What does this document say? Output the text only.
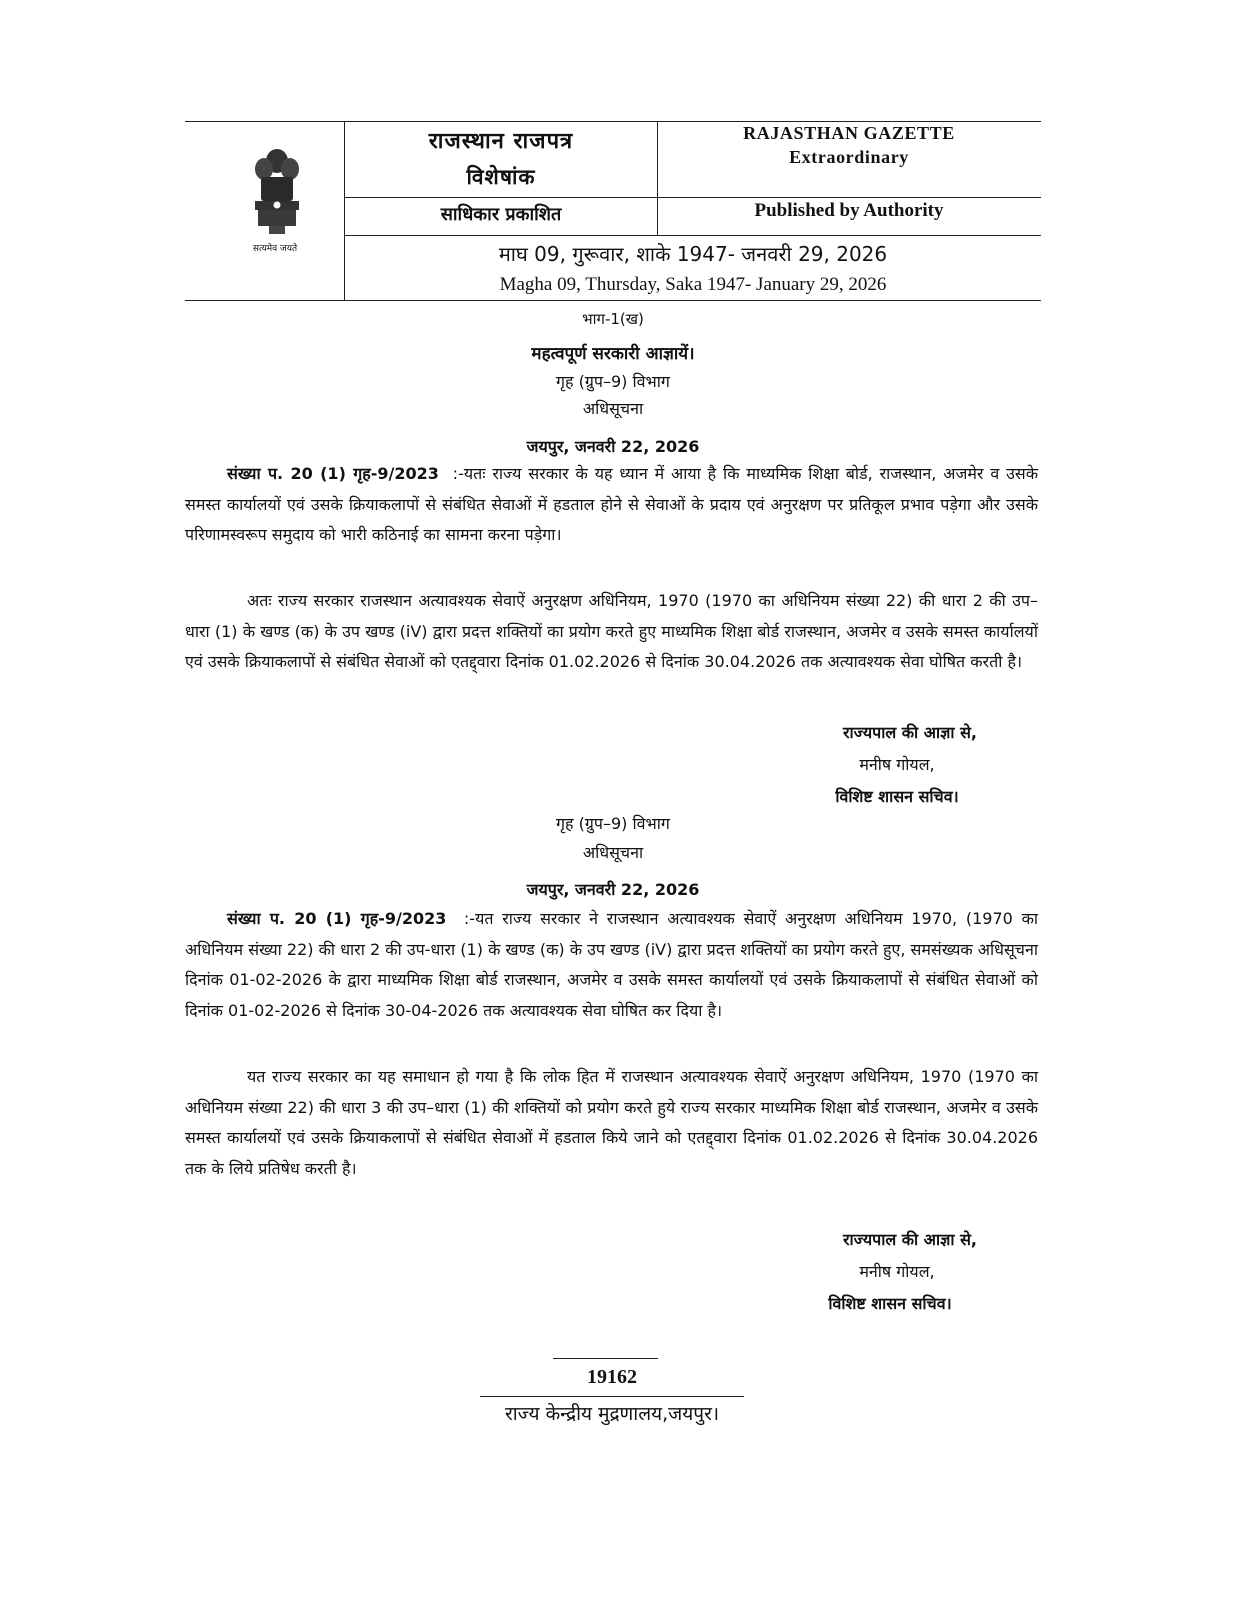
सत्यमेव जयते
राजस्थान राजपत्र
विशेषांक
RAJASTHAN GAZETTE
Extraordinary
साधिकार प्रकाशित	Published by Authority
माघ 09, गुरूवार, शाके 1947- जनवरी 29, 2026
Magha 09, Thursday, Saka 1947- January 29, 2026
भाग-1(ख)
महत्वपूर्ण सरकारी आज्ञायें।
गृह (ग्रुप–9) विभाग
अधिसूचना
जयपुर, जनवरी 22, 2026

संख्या प. 20 (1) गृह-9/2023 :-यतः राज्य सरकार के यह ध्यान में आया है कि माध्यमिक शिक्षा बोर्ड, राजस्थान, अजमेर व उसके समस्त कार्यालयों एवं उसके क्रियाकलापों से संबंधित सेवाओं में हडताल होने से सेवाओं के प्रदाय एवं अनुरक्षण पर प्रतिकूल प्रभाव पड़ेगा और उसके परिणामस्वरूप समुदाय को भारी कठिनाई का सामना करना पड़ेगा।

अतः राज्य सरकार राजस्थान अत्यावश्यक सेवाऐं अनुरक्षण अधिनियम, 1970 (1970 का अधिनियम संख्या 22) की धारा 2 की उप–धारा (1) के खण्ड (क) के उप खण्ड (iV) द्वारा प्रदत्त शक्तियों का प्रयोग करते हुए माध्यमिक शिक्षा बोर्ड राजस्थान, अजमेर व उसके समस्त कार्यालयों एवं उसके क्रियाकलापों से संबंधित सेवाओं को एतद्द्वारा दिनांक 01.02.2026 से दिनांक 30.04.2026 तक अत्यावश्यक सेवा घोषित करती है।

राज्यपाल की आज्ञा से,
मनीष गोयल,
विशिष्ट शासन सचिव।
गृह (ग्रुप–9) विभाग
अधिसूचना
जयपुर, जनवरी 22, 2026

संख्या प. 20 (1) गृह-9/2023 :-यत राज्य सरकार ने राजस्थान अत्यावश्यक सेवाऐं अनुरक्षण अधिनियम 1970, (1970 का अधिनियम संख्या 22) की धारा 2 की उप-धारा (1) के खण्ड (क) के उप खण्ड (iV) द्वारा प्रदत्त शक्तियों का प्रयोग करते हुए, समसंख्यक अधिसूचना दिनांक 01-02-2026 के द्वारा माध्यमिक शिक्षा बोर्ड राजस्थान, अजमेर व उसके समस्त कार्यालयों एवं उसके क्रियाकलापों से संबंधित सेवाओं को दिनांक 01-02-2026 से दिनांक 30-04-2026 तक अत्यावश्यक सेवा घोषित कर दिया है।

यत राज्य सरकार का यह समाधान हो गया है कि लोक हित में राजस्थान अत्यावश्यक सेवाऐं अनुरक्षण अधिनियम, 1970 (1970 का अधिनियम संख्या 22) की धारा 3 की उप–धारा (1) की शक्तियों को प्रयोग करते हुये राज्य सरकार माध्यमिक शिक्षा बोर्ड राजस्थान, अजमेर व उसके समस्त कार्यालयों एवं उसके क्रियाकलापों से संबंधित सेवाओं में हडताल किये जाने को एतद्द्वारा दिनांक 01.02.2026 से दिनांक 30.04.2026 तक के लिये प्रतिषेध करती है।

राज्यपाल की आज्ञा से,
मनीष गोयल,
विशिष्ट शासन सचिव।
19162
राज्य केन्द्रीय मुद्रणालय,जयपुर।
